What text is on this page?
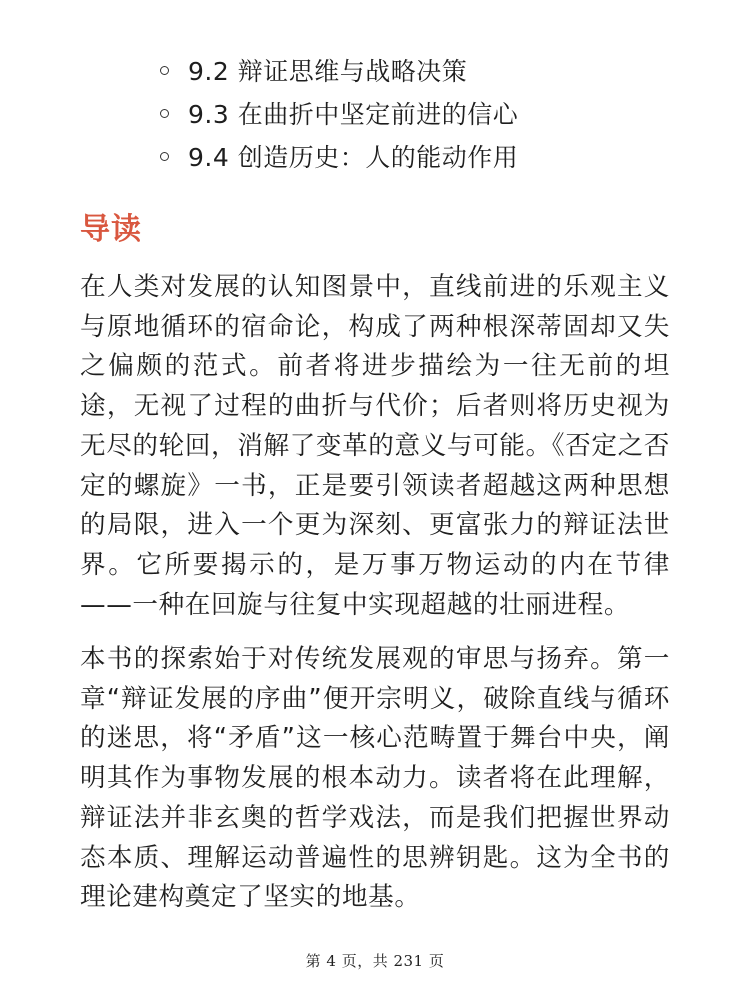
9.2 辩证思维与战略决策
9.3 在曲折中坚定前进的信心
9.4 创造历史：人的能动作用
导读

在人类对发展的认知图景中，直线前进的乐观主义与原地循环的宿命论，构成了两种根深蒂固却又失之偏颇的范式。前者将进步描绘为一往无前的坦途，无视了过程的曲折与代价；后者则将历史视为无尽的轮回，消解了变革的意义与可能。《否定之否定的螺旋》一书，正是要引领读者超越这两种思想的局限，进入一个更为深刻、更富张力的辩证法世界。它所要揭示的，是万事万物运动的内在节律——一种在回旋与往复中实现超越的壮丽进程。

本书的探索始于对传统发展观的审思与扬弃。第一章“辩证发展的序曲”便开宗明义，破除直线与循环的迷思，将“矛盾”这一核心范畴置于舞台中央，阐明其作为事物发展的根本动力。读者将在此理解，辩证法并非玄奥的哲学戏法，而是我们把握世界动态本质、理解运动普遍性的思辨钥匙。这为全书的理论建构奠定了坚实的地基。

第 4 页，共 231 页
